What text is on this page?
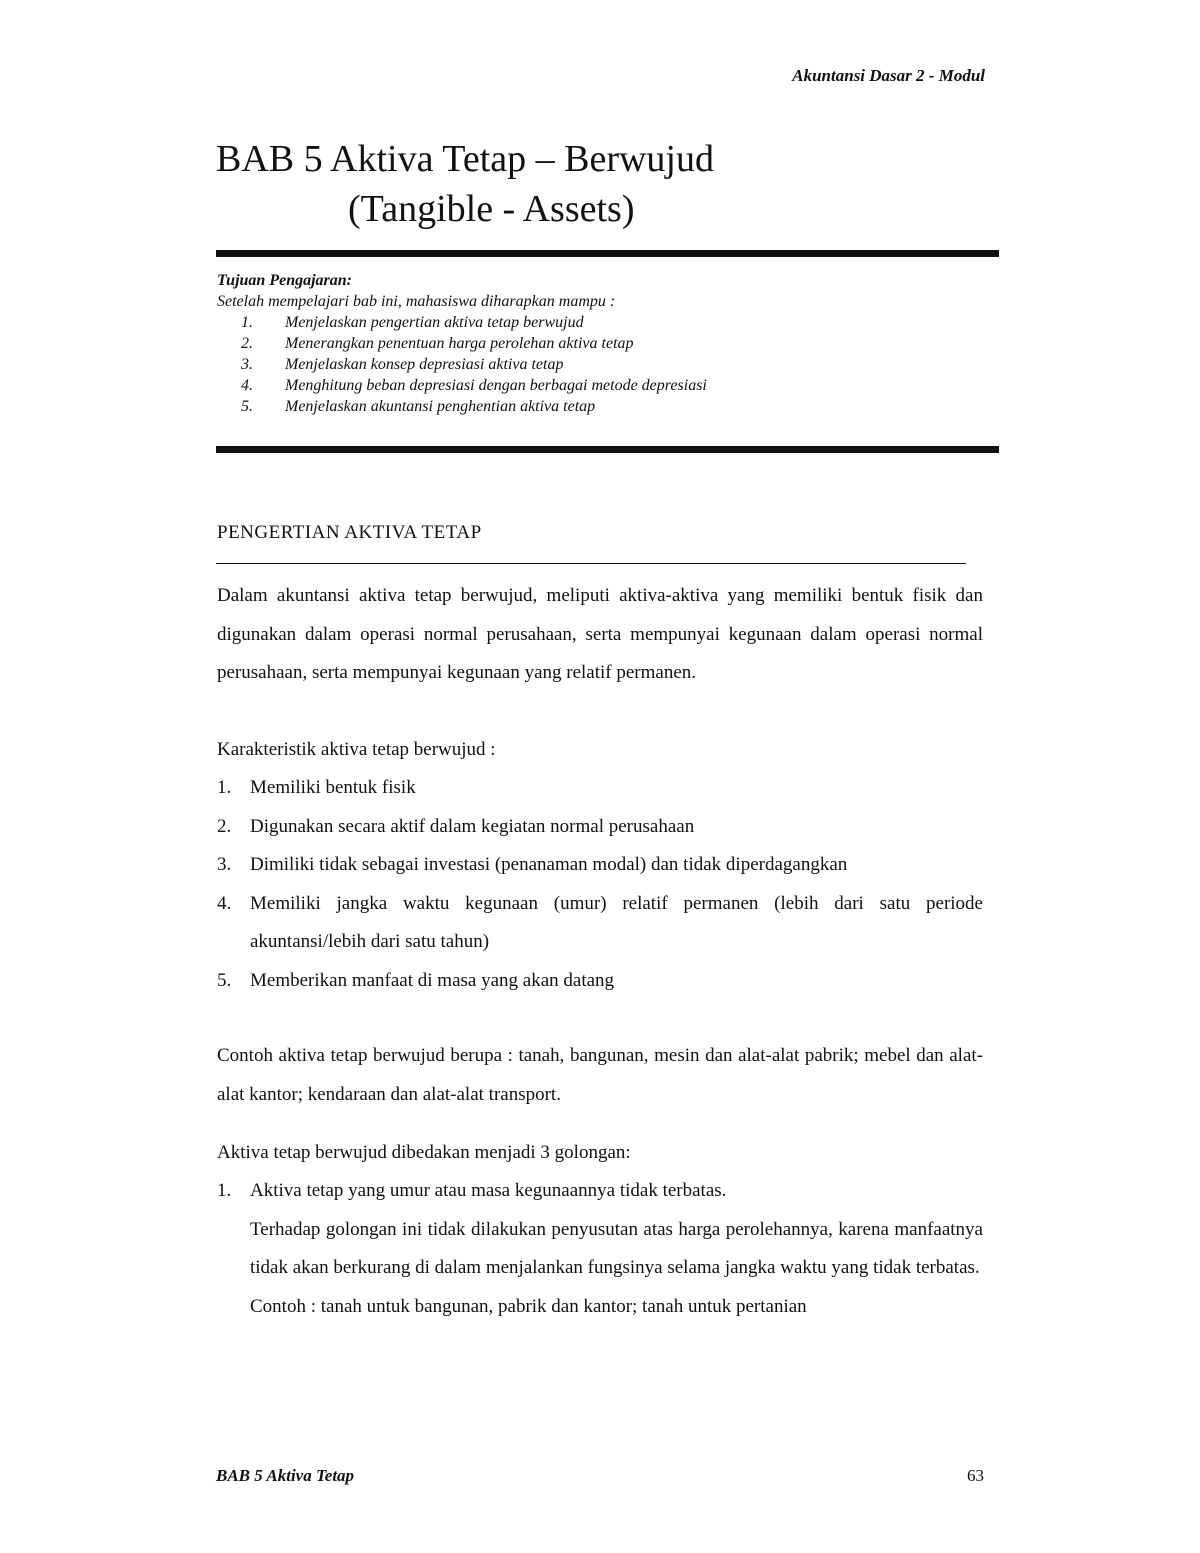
Akuntansi Dasar 2 - Modul
BAB 5 Aktiva Tetap – Berwujud
(Tangible - Assets)
Tujuan Pengajaran:
Setelah mempelajari bab ini, mahasiswa diharapkan mampu :
1.	Menjelaskan pengertian aktiva tetap berwujud
2.	Menerangkan penentuan harga perolehan aktiva tetap
3.	Menjelaskan konsep depresiasi aktiva tetap
4.	Menghitung beban depresiasi dengan berbagai metode depresiasi
5.	Menjelaskan akuntansi penghentian aktiva tetap
PENGERTIAN AKTIVA TETAP

Dalam akuntansi aktiva tetap berwujud, meliputi aktiva-aktiva yang memiliki bentuk fisik dan digunakan dalam operasi normal perusahaan, serta mempunyai kegunaan dalam operasi normal perusahaan, serta mempunyai kegunaan yang relatif permanen.

Karakteristik aktiva tetap berwujud :

1. Memiliki bentuk fisik
2. Digunakan secara aktif dalam kegiatan normal perusahaan
3. Dimiliki tidak sebagai investasi (penanaman modal) dan tidak diperdagangkan
4. Memiliki jangka waktu kegunaan (umur) relatif permanen (lebih dari satu periode akuntansi/lebih dari satu tahun)
5. Memberikan manfaat di masa yang akan datang

Contoh aktiva tetap berwujud berupa : tanah, bangunan, mesin dan alat-alat pabrik; mebel dan alat-alat kantor; kendaraan dan alat-alat transport.

Aktiva tetap berwujud dibedakan menjadi 3 golongan:

1. Aktiva tetap yang umur atau masa kegunaannya tidak terbatas.
Terhadap golongan ini tidak dilakukan penyusutan atas harga perolehannya, karena manfaatnya tidak akan berkurang di dalam menjalankan fungsinya selama jangka waktu yang tidak terbatas.
Contoh : tanah untuk bangunan, pabrik dan kantor; tanah untuk pertanian
BAB 5 Aktiva Tetap	63
